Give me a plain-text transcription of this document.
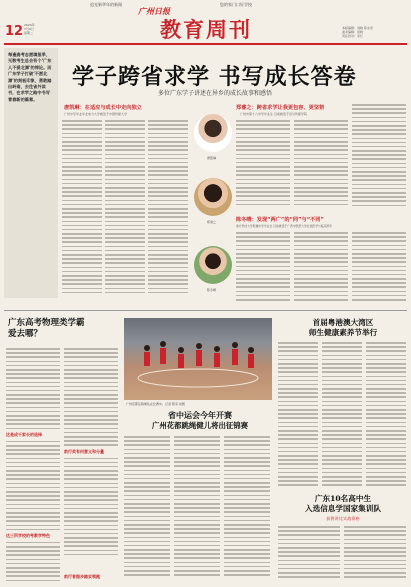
追光新华年的新闻	您的家门口好学校
12 2024年
7月9日
星期二
广州日报
教育周刊	本版编辑：刘晓 陈永宏
美术编辑：何晓
责任校对：李红
每逢高考志愿填报季，无数考生总会有个‘广东人不爱北漂’的悖论。而广东学子打破‘不愿北漂’的刻板印象，勇敢踏出岭南，去往省外读书，在求学之路中书写青春新的篇章。
学子跨省求学 书写成长答卷
多位广东学子讲述在异乡的成长故事和感悟
唐凯琳：在适应与成长中走向独立
广州中学毕业华北电力大学就读于中国传媒大学
唐凯琳
郑睿之
陈冬晴
郑睿之：跨省求学让我更包容、更坚韧
广州市第十六中学毕业生 目前就读于四川传媒学院
陈冬晴：发现“两广”的“同”与“不同”
南方科技大学附属中学毕业生 目前就读于广西中医药大学壮瑶医学与临床药学
广东高考物理类学霸
爱去哪？
这是成千家长的选择
这三所学校的考教学特色
前行奖有何意义和分量
广州花都区跳绳队在比赛中。记者 陈家 供图
省中运会今年开赛
广州花都跳绳健儿将出征锦赛
首届粤港澳大湾区
师生健康素养节举行
广东10名高中生
入选信息学国家集训队
获将讲比实战资格
前行者稳步踏实领跑
